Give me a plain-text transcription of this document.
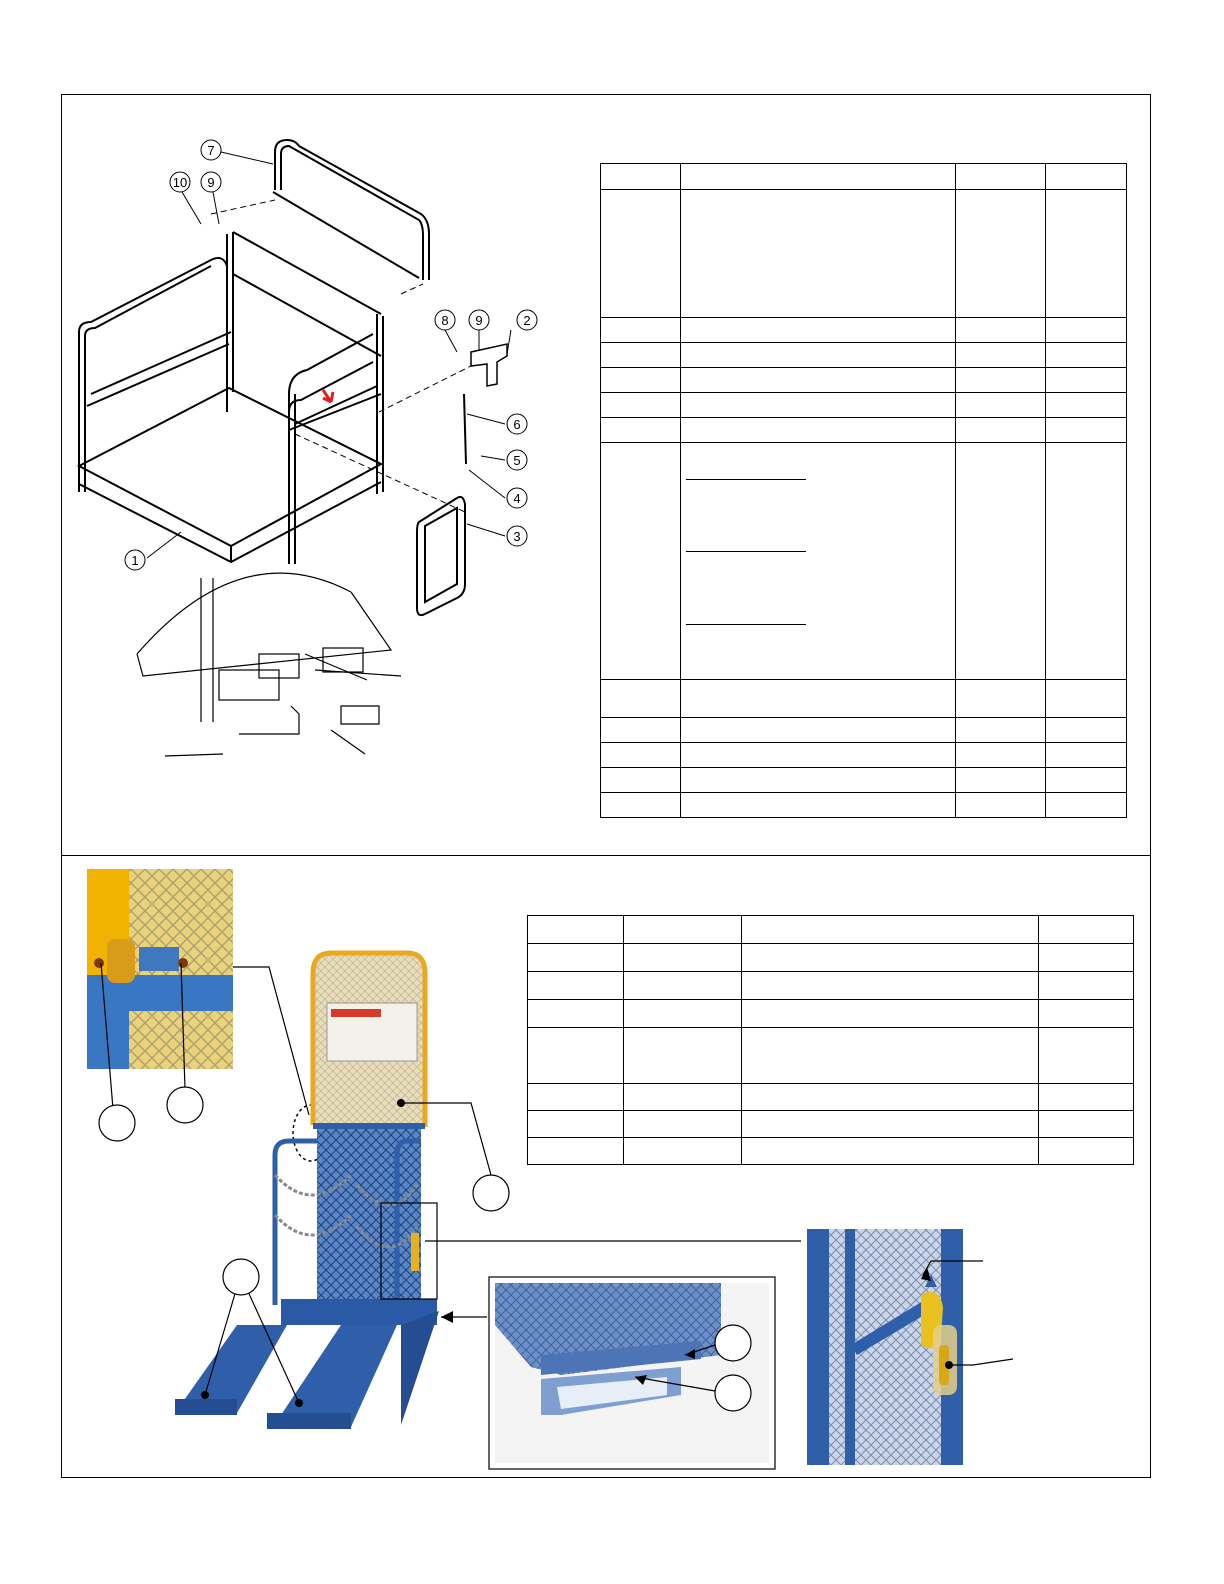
7
10 9
8 9	2
6
5
4
3
1
